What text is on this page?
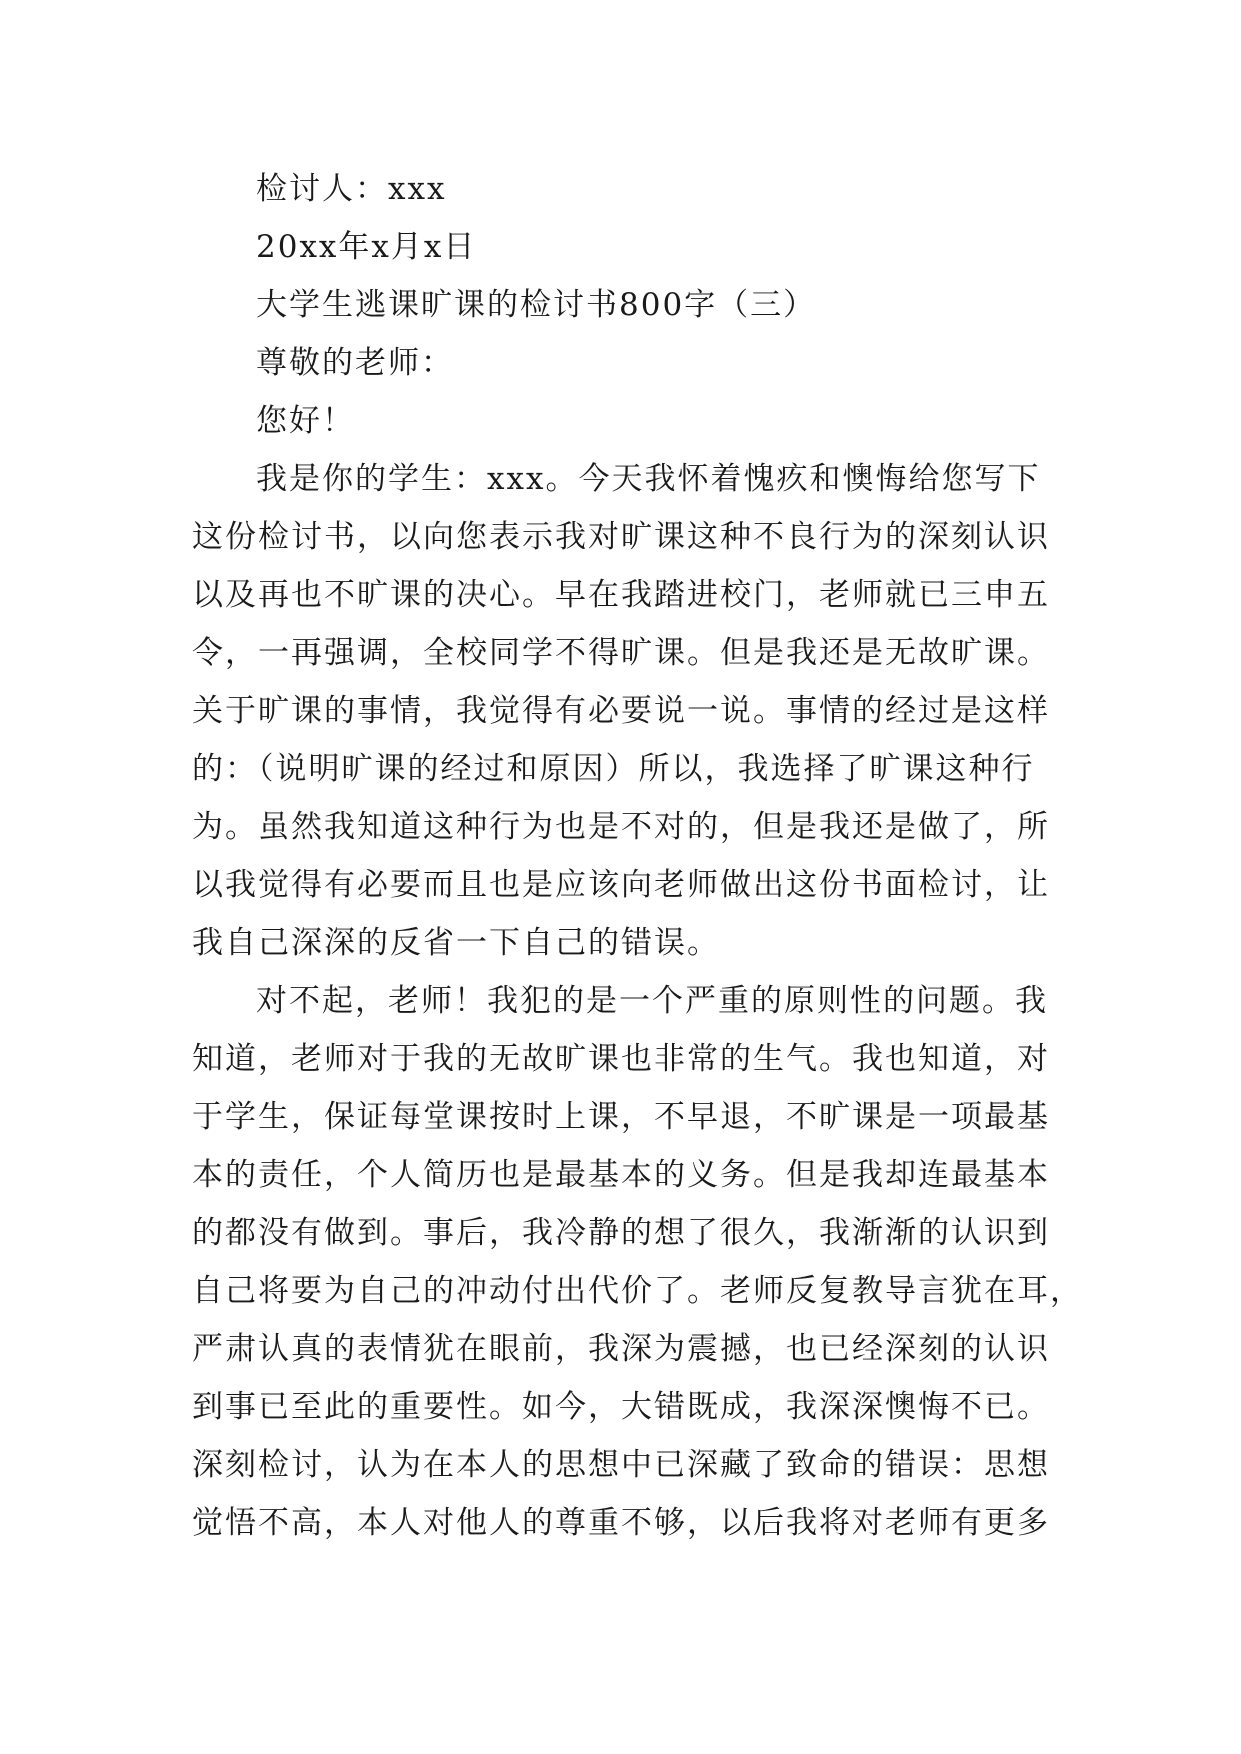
检讨人：xxx

20xx年x月x日

大学生逃课旷课的检讨书800字（三）

尊敬的老师：

您好！

我是你的学生：xxx。今天我怀着愧疚和懊悔给您写下

这份检讨书，以向您表示我对旷课这种不良行为的深刻认识

以及再也不旷课的决心。早在我踏进校门，老师就已三申五

令，一再强调，全校同学不得旷课。但是我还是无故旷课。

关于旷课的事情，我觉得有必要说一说。事情的经过是这样

的：（说明旷课的经过和原因）所以，我选择了旷课这种行

为。虽然我知道这种行为也是不对的，但是我还是做了，所

以我觉得有必要而且也是应该向老师做出这份书面检讨，让

我自己深深的反省一下自己的错误。

对不起，老师！我犯的是一个严重的原则性的问题。我

知道，老师对于我的无故旷课也非常的生气。我也知道，对

于学生，保证每堂课按时上课，不早退，不旷课是一项最基

本的责任，个人简历也是最基本的义务。但是我却连最基本

的都没有做到。事后，我冷静的想了很久，我渐渐的认识到

自己将要为自己的冲动付出代价了。老师反复教导言犹在耳，

严肃认真的表情犹在眼前，我深为震撼，也已经深刻的认识

到事已至此的重要性。如今，大错既成，我深深懊悔不已。

深刻检讨，认为在本人的思想中已深藏了致命的错误：思想

觉悟不高，本人对他人的尊重不够，以后我将对老师有更多
